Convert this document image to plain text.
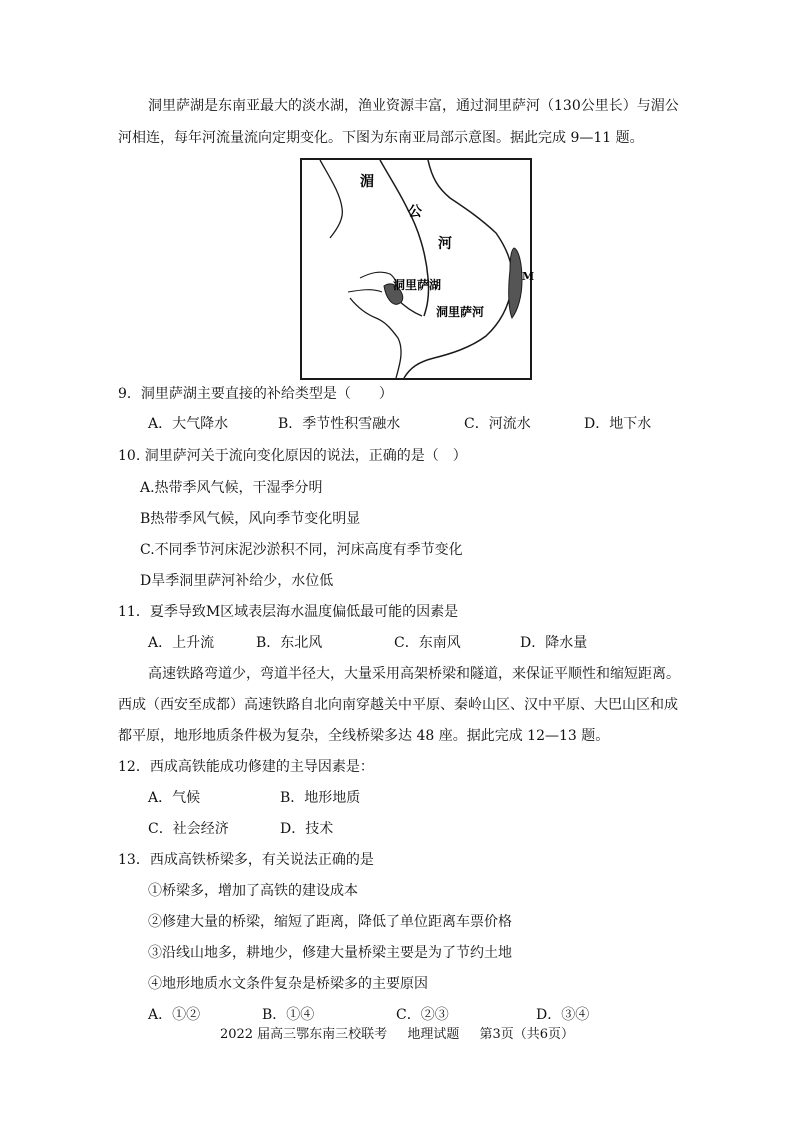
洞里萨湖是东南亚最大的淡水湖，渔业资源丰富，通过洞里萨河（130公里长）与湄公
河相连，每年河流量流向定期变化。下图为东南亚局部示意图。据此完成 9—11 题。
湄
公
河
洞里萨湖
洞里萨河
M
9．洞里萨湖主要直接的补给类型是（　　）
A．大气降水	B．季节性积雪融水	C．河流水	D．地下水
10. 洞里萨河关于流向变化原因的说法，正确的是（　）
A.热带季风气候，干湿季分明
B热带季风气候，风向季节变化明显
C.不同季节河床泥沙淤积不同，河床高度有季节变化
D旱季洞里萨河补给少，水位低
11．夏季导致M区域表层海水温度偏低最可能的因素是
A．上升流	B．东北风	C．东南风	D．降水量
高速铁路弯道少，弯道半径大，大量采用高架桥梁和隧道，来保证平顺性和缩短距离。
西成（西安至成都）高速铁路自北向南穿越关中平原、秦岭山区、汉中平原、大巴山区和成
都平原，地形地质条件极为复杂，全线桥梁多达 48 座。据此完成 12—13 题。
12．西成高铁能成功修建的主导因素是：
A．气候	B．地形地质
C．社会经济	D．技术
13．西成高铁桥梁多，有关说法正确的是
①桥梁多，增加了高铁的建设成本
②修建大量的桥梁，缩短了距离，降低了单位距离车票价格
③沿线山地多，耕地少，修建大量桥梁主要是为了节约土地
④地形地质水文条件复杂是桥梁多的主要原因
A．①②	B．①④	C．②③	D．③④
2022 届高三鄂东南三校联考 地理试题 第3页（共6页）
